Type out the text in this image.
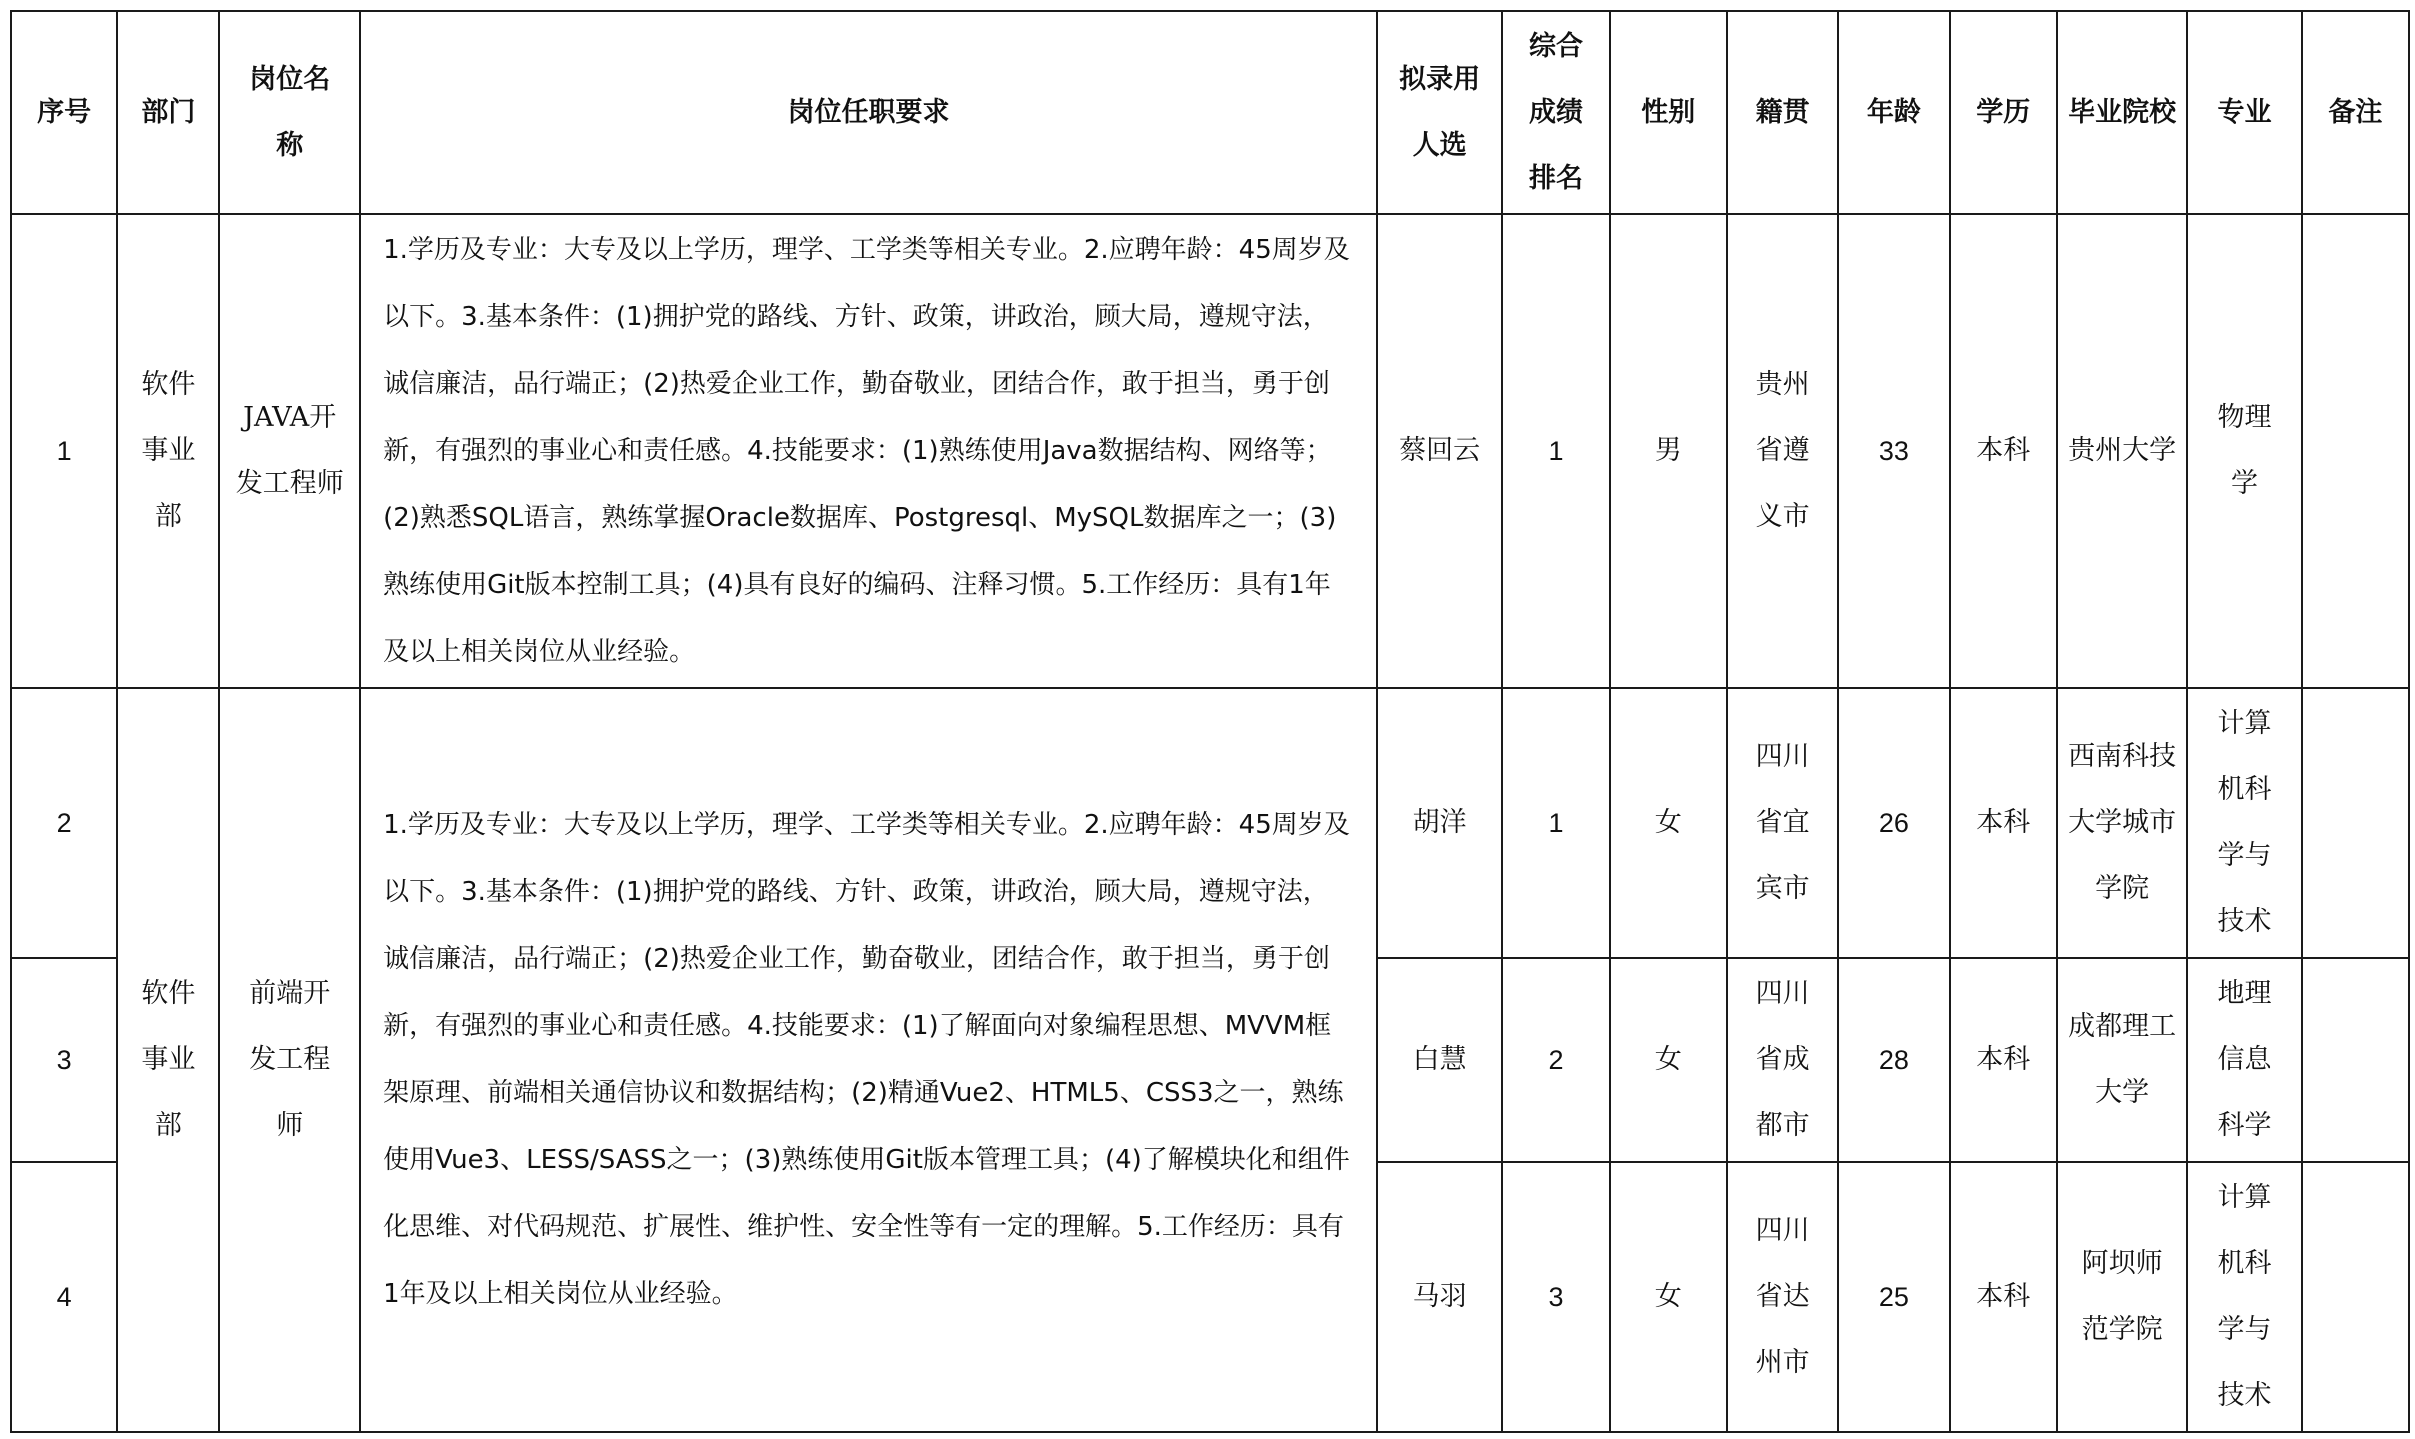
序号	部门	岗位名称	岗位任职要求	拟录用人选	综合成绩排名	性别	籍贯	年龄	学历	毕业院校	专业	备注
1	软件事业部	JAVA开发工程师	1.学历及专业：大专及以上学历，理学、工学类等相关专业。2.应聘年龄：45周岁及以下。3.基本条件：(1)拥护党的路线、方针、政策，讲政治，顾大局，遵规守法，诚信廉洁，品行端正；(2)热爱企业工作，勤奋敬业，团结合作，敢于担当，勇于创新，有强烈的事业心和责任感。4.技能要求：(1)熟练使用Java数据结构、网络等；(2)熟悉SQL语言，熟练掌握Oracle数据库、Postgresql、MySQL数据库之一；(3)熟练使用Git版本控制工具；(4)具有良好的编码、注释习惯。5.工作经历：具有1年及以上相关岗位从业经验。	蔡回云	1	男	贵州省遵义市	33	本科	贵州大学	物理学	

2	软件事业部	前端开发工程师	1.学历及专业：大专及以上学历，理学、工学类等相关专业。2.应聘年龄：45周岁及以下。3.基本条件：(1)拥护党的路线、方针、政策，讲政治，顾大局，遵规守法，诚信廉洁，品行端正；(2)热爱企业工作，勤奋敬业，团结合作，敢于担当，勇于创新，有强烈的事业心和责任感。4.技能要求：(1)了解面向对象编程思想、MVVM框架原理、前端相关通信协议和数据结构；(2)精通Vue2、HTML5、CSS3之一，熟练使用Vue3、LESS/SASS之一；(3)熟练使用Git版本管理工具；(4)了解模块化和组件化思维、对代码规范、扩展性、维护性、安全性等有一定的理解。5.工作经历：具有1年及以上相关岗位从业经验。	胡洋	1	女	四川省宜宾市	26	本科	西南科技大学城市学院	计算机科学与技术	

3				白慧	2	女	四川省成都市	28	本科	成都理工大学	地理信息科学	

4				马羽	3	女	四川省达州市	25	本科	阿坝师范学院	计算机科学与技术	
